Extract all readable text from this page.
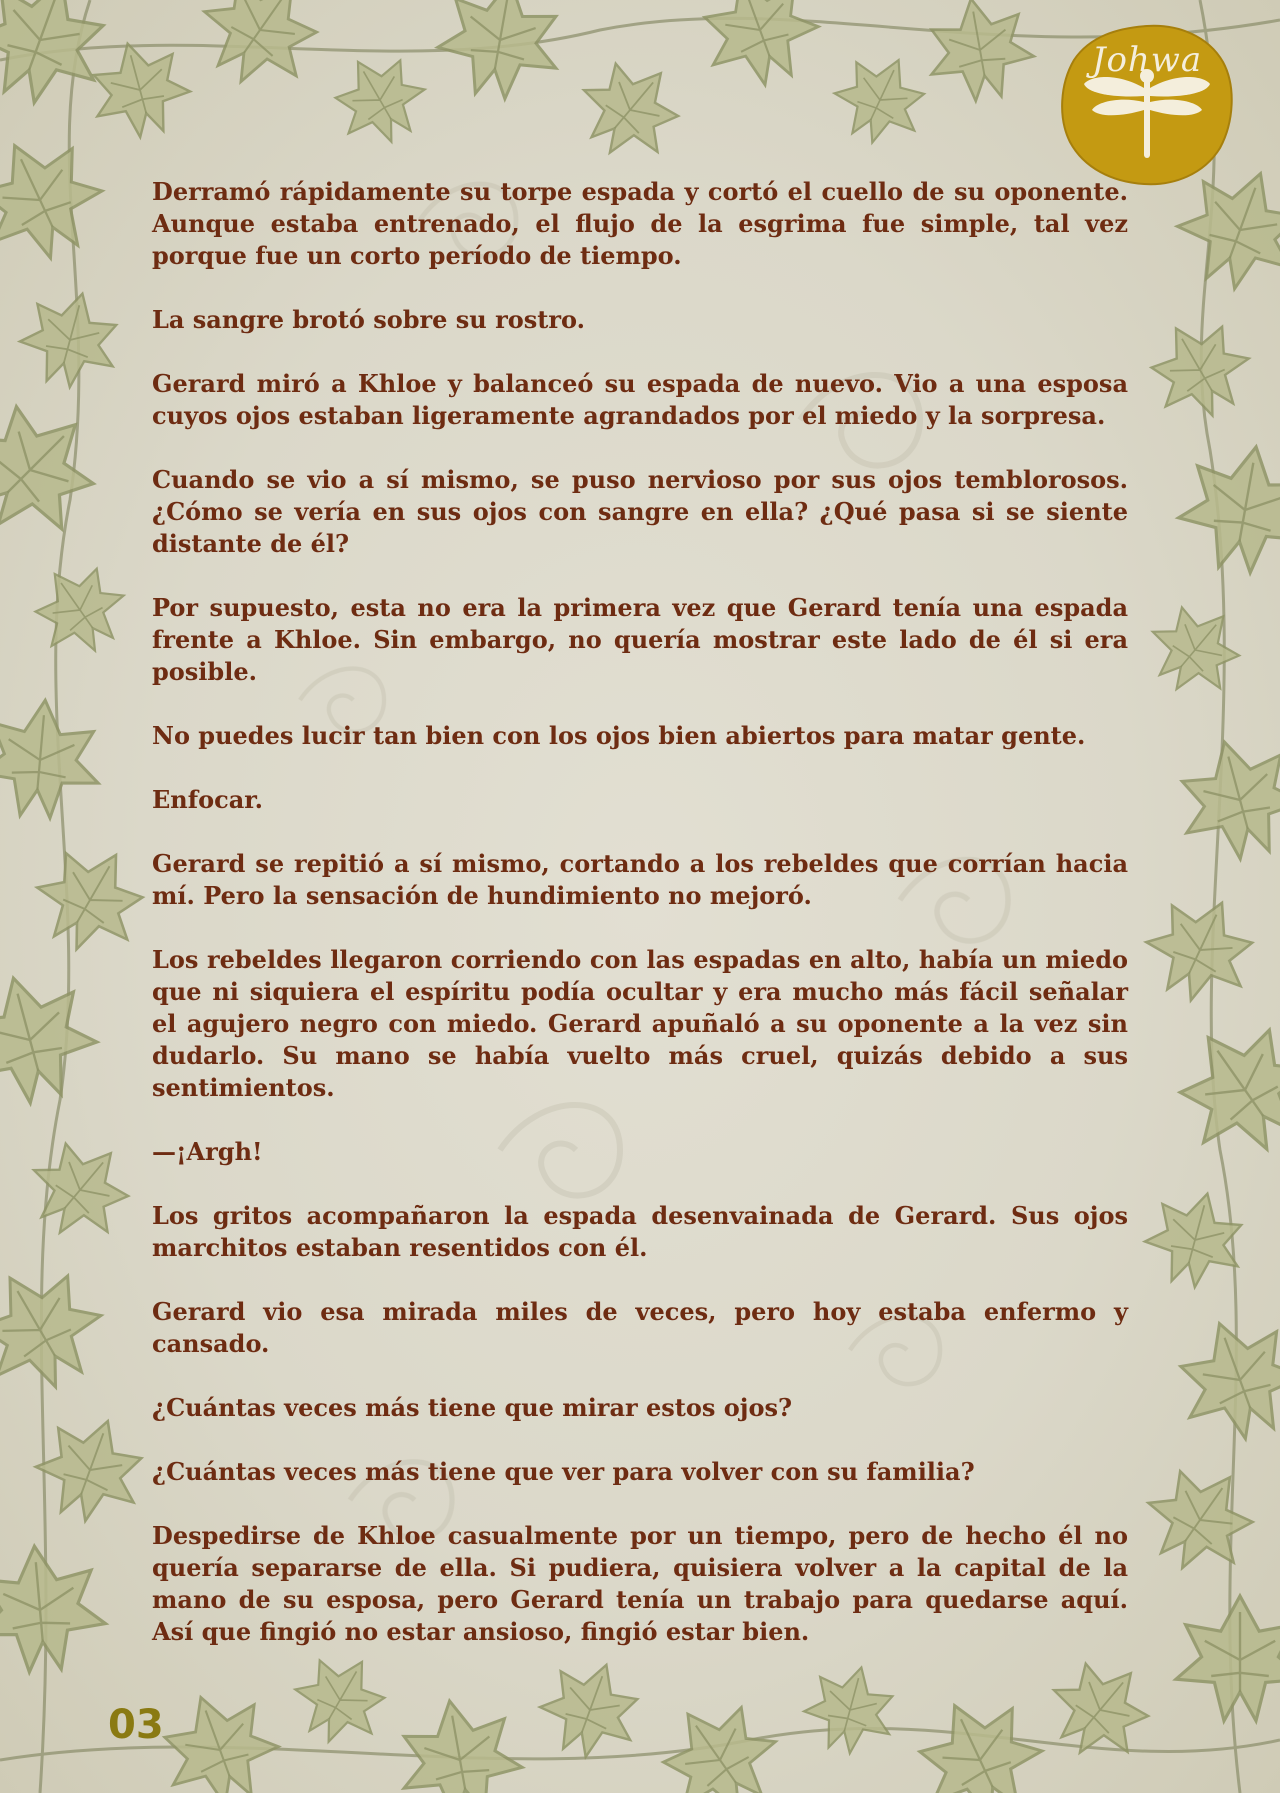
Johwa

Derramó rápidamente su torpe espada y cortó el cuello de su oponente. Aunque estaba entrenado, el flujo de la esgrima fue simple, tal vez porque fue un corto período de tiempo.

La sangre brotó sobre su rostro.

Gerard miró a Khloe y balanceó su espada de nuevo. Vio a una esposa cuyos ojos estaban ligeramente agrandados por el miedo y la sorpresa.

Cuando se vio a sí mismo, se puso nervioso por sus ojos temblorosos. ¿Cómo se vería en sus ojos con sangre en ella? ¿Qué pasa si se siente distante de él?

Por supuesto, esta no era la primera vez que Gerard tenía una espada frente a Khloe. Sin embargo, no quería mostrar este lado de él si era posible.

No puedes lucir tan bien con los ojos bien abiertos para matar gente.

Enfocar.

Gerard se repitió a sí mismo, cortando a los rebeldes que corrían hacia mí. Pero la sensación de hundimiento no mejoró.

Los rebeldes llegaron corriendo con las espadas en alto, había un miedo que ni siquiera el espíritu podía ocultar y era mucho más fácil señalar el agujero negro con miedo. Gerard apuñaló a su oponente a la vez sin dudarlo. Su mano se había vuelto más cruel, quizás debido a sus sentimientos.

—¡Argh!

Los gritos acompañaron la espada desenvainada de Gerard. Sus ojos marchitos estaban resentidos con él.

Gerard vio esa mirada miles de veces, pero hoy estaba enfermo y cansado.

¿Cuántas veces más tiene que mirar estos ojos?

¿Cuántas veces más tiene que ver para volver con su familia?

Despedirse de Khloe casualmente por un tiempo, pero de hecho él no quería separarse de ella. Si pudiera, quisiera volver a la capital de la mano de su esposa, pero Gerard tenía un trabajo para quedarse aquí. Así que fingió no estar ansioso, fingió estar bien.

03
